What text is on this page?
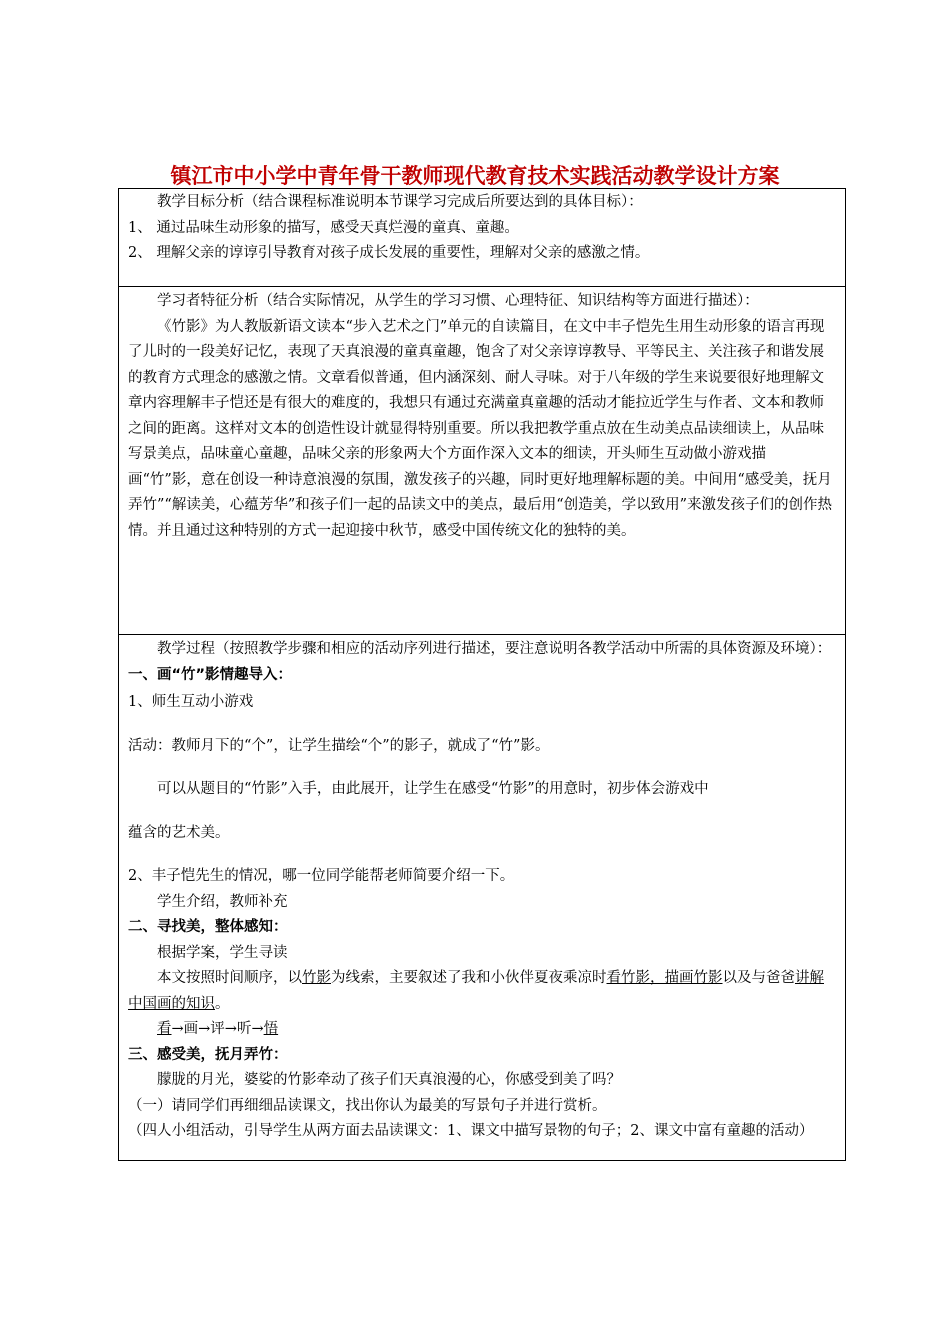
镇江市中小学中青年骨干教师现代教育技术实践活动教学设计方案

教学目标分析（结合课程标准说明本节课学习完成后所要达到的具体目标）：

1、 通过品味生动形象的描写，感受天真烂漫的童真、童趣。

2、 理解父亲的谆谆引导教育对孩子成长发展的重要性，理解对父亲的感激之情。

学习者特征分析（结合实际情况，从学生的学习习惯、心理特征、知识结构等方面进行描述）：

《竹影》为人教版新语文读本“步入艺术之门”单元的自读篇目，在文中丰子恺先生用生动形象的语言再现了儿时的一段美好记忆，表现了天真浪漫的童真童趣，饱含了对父亲谆谆教导、平等民主、关注孩子和谐发展的教育方式理念的感激之情。文章看似普通，但内涵深刻、耐人寻味。对于八年级的学生来说要很好地理解文章内容理解丰子恺还是有很大的难度的，我想只有通过充满童真童趣的活动才能拉近学生与作者、文本和教师之间的距离。这样对文本的创造性设计就显得特别重要。所以我把教学重点放在生动美点品读细读上，从品味写景美点，品味童心童趣，品味父亲的形象两大个方面作深入文本的细读，开头师生互动做小游戏描画“竹”影，意在创设一种诗意浪漫的氛围，激发孩子的兴趣，同时更好地理解标题的美。中间用“感受美，抚月弄竹”“解读美，心蕴芳华”和孩子们一起的品读文中的美点，最后用“创造美，学以致用”来激发孩子们的创作热情。并且通过这种特别的方式一起迎接中秋节，感受中国传统文化的独特的美。

教学过程（按照教学步骤和相应的活动序列进行描述，要注意说明各教学活动中所需的具体资源及环境）：

一、画“竹”影情趣导入：

1、师生互动小游戏

活动：教师月下的“个”，让学生描绘“个”的影子，就成了“竹”影。

可以从题目的“竹影”入手，由此展开，让学生在感受“竹影”的用意时，初步体会游戏中

蕴含的艺术美。

2、丰子恺先生的情况，哪一位同学能帮老师简要介绍一下。

学生介绍，教师补充

二、寻找美，整体感知：

根据学案，学生寻读

本文按照时间顺序，以竹影为线索，主要叙述了我和小伙伴夏夜乘凉时看竹影，描画竹影以及与爸爸讲解中国画的知识。

看→画→评→听→悟

三、感受美，抚月弄竹：

朦胧的月光，婆娑的竹影牵动了孩子们天真浪漫的心，你感受到美了吗？

（一）请同学们再细细品读课文，找出你认为最美的写景句子并进行赏析。

（四人小组活动，引导学生从两方面去品读课文：1、课文中描写景物的句子；2、课文中富有童趣的活动）
